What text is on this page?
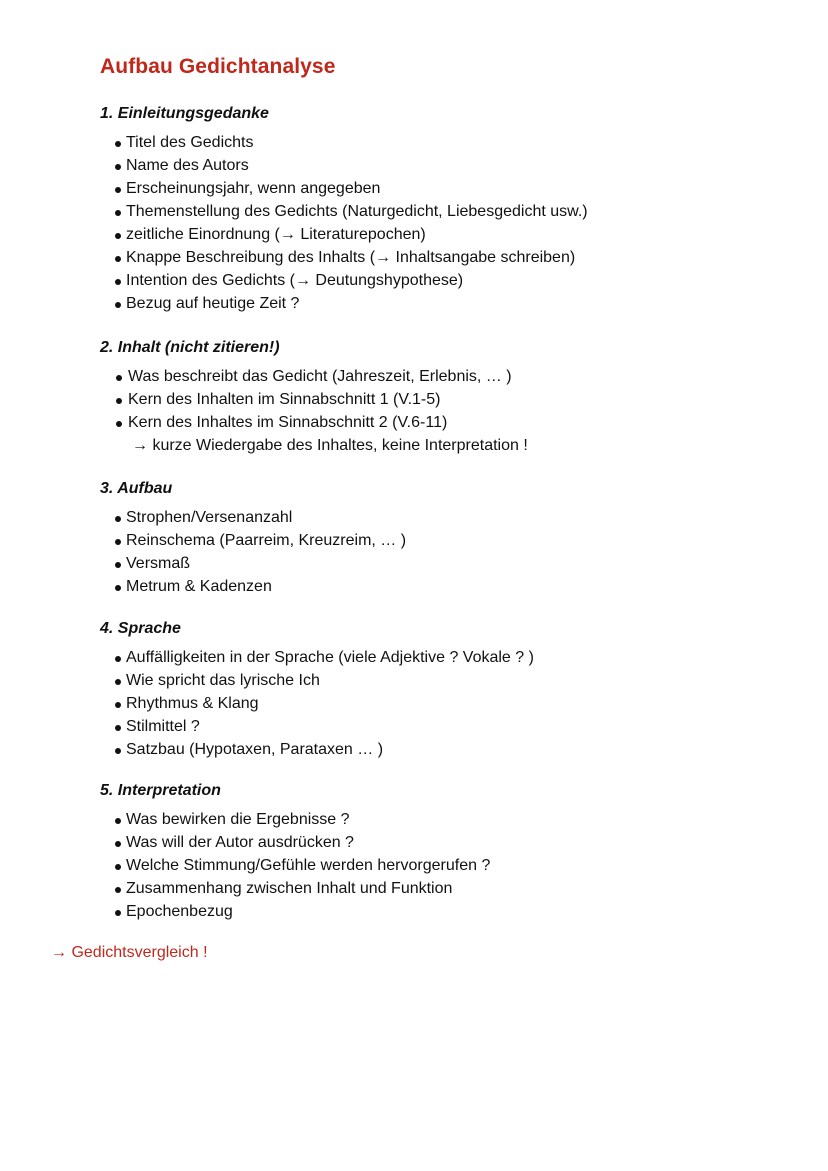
Aufbau Gedichtanalyse
1. Einleitungsgedanke
Titel des Gedichts
Name des Autors
Erscheinungsjahr, wenn angegeben
Themenstellung des Gedichts (Naturgedicht, Liebesgedicht usw.)
zeitliche Einordnung (→ Literaturepochen)
Knappe Beschreibung des Inhalts (→ Inhaltsangabe schreiben)
Intention des Gedichts (→ Deutungshypothese)
Bezug auf heutige Zeit ?
2. Inhalt (nicht zitieren!)
Was beschreibt das Gedicht (Jahreszeit, Erlebnis, … )
Kern des Inhalten im Sinnabschnitt 1 (V.1-5)
Kern des Inhaltes im Sinnabschnitt 2 (V.6-11)
→ kurze Wiedergabe des Inhaltes, keine Interpretation !
3. Aufbau
Strophen/Versenanzahl
Reinschema (Paarreim, Kreuzreim, … )
Versmaß
Metrum & Kadenzen
4. Sprache
Auffälligkeiten in der Sprache (viele Adjektive ? Vokale ? )
Wie spricht das lyrische Ich
Rhythmus & Klang
Stilmittel ?
Satzbau (Hypotaxen, Parataxen … )
5. Interpretation
Was bewirken die Ergebnisse ?
Was will der Autor ausdrücken ?
Welche Stimmung/Gefühle werden hervorgerufen ?
Zusammenhang zwischen Inhalt und Funktion
Epochenbezug

→ Gedichtsvergleich !
